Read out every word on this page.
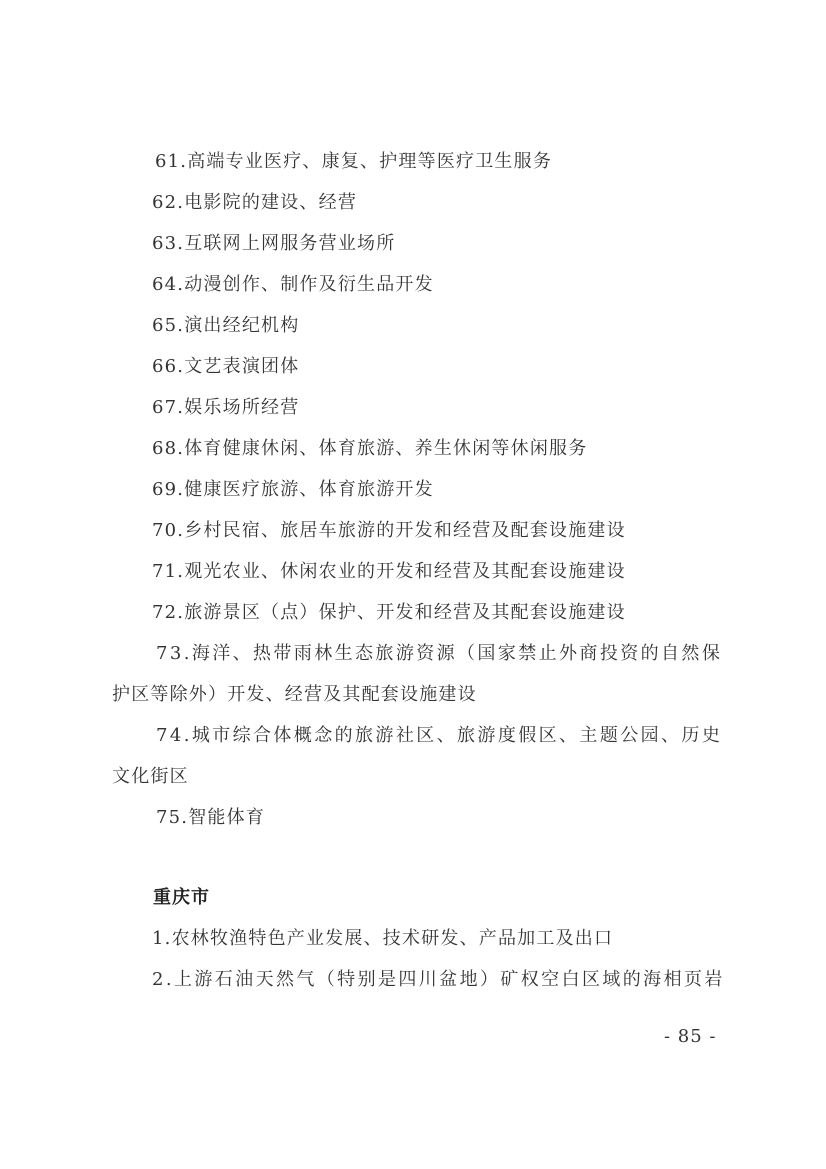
61.高端专业医疗、康复、护理等医疗卫生服务
62.电影院的建设、经营
63.互联网上网服务营业场所
64.动漫创作、制作及衍生品开发
65.演出经纪机构
66.文艺表演团体
67.娱乐场所经营
68.体育健康休闲、体育旅游、养生休闲等休闲服务
69.健康医疗旅游、体育旅游开发
70.乡村民宿、旅居车旅游的开发和经营及配套设施建设
71.观光农业、休闲农业的开发和经营及其配套设施建设
72.旅游景区（点）保护、开发和经营及其配套设施建设
73.海洋、热带雨林生态旅游资源（国家禁止外商投资的自然保
护区等除外）开发、经营及其配套设施建设
74.城市综合体概念的旅游社区、旅游度假区、主题公园、历史
文化街区
75.智能体育
重庆市
1.农林牧渔特色产业发展、技术研发、产品加工及出口
2.上游石油天然气（特别是四川盆地）矿权空白区域的海相页岩
- 85 -
